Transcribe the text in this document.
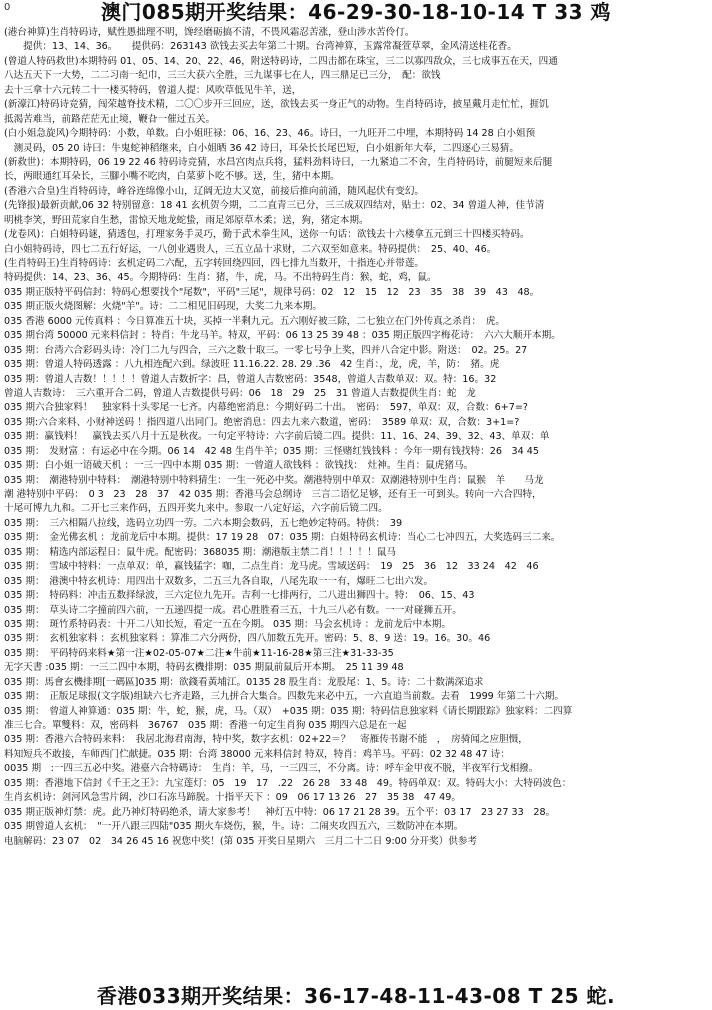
0	澳门085期开奖结果：46-29-30-18-10-14 T 33 鸡
(港台神算)生肖特码诗，赋性愚拙理不明，馋经磨砺搞不清，不畏风霜忍苦涨，登山涉水苦伶仃。
　　提供：13、14、36。　　提供码：263143 欲钱去买去年第二十期。台湾神算，玉露常凝萱草翠，金风清送桂花香。
(曾道人特码救世)本期特码 01、05、14、20、22、46，附送特码诗，二四击都在珠宝，三二以寡四敌众，三七成事五在天，四通
八达五天下一大势，二二习南一纪巾，三三大获六全胜，三九谋事七在人，四三鼎足已三分，　配：欲钱
去十三拿十六元转二十一楼买特码，曾道人提：风吹草低见牛羊，送，
(新濠江)特码诗竞猜，闯荣越脊技术精，二〇〇步开三回应，送，欲钱去买一身正气的动物。生肖特码诗，披星戴月走忙忙，捱饥
抵渴苦难当，前路茫茫无止境，鞭旮一催过五关。
(白小姐急旋风)今期特码：小数，单数。白小姐旺禄：06、16、23、46。诗曰，一九旺开二中埋，本期特码 14 28 白小姐预
　测灵码，05 20 诗曰：牛鬼蛇神稻继来，白小姐晒 36 42 诗曰，耳朵长长尾巴短，白小姐新年大奉，二四逐心三易猜。
(新救世)：本期特码，06 19 22 46 特码诗竞猜，水昌宫肉点兵将，猛料劲料诗曰，一九紧追二不舍，生肖特码诗，前腿短来后腿
长，两眼通红耳朵长，三腳小嘴不吃肉，白菜萝卜吃不够。送，生，猪中本期。
(香港六合皇)生肖特码诗，峰谷连绵像小山，辽阔无边大又宽，前接后推向前涌，随风起伏有变幻。
(先锋报)最新贡献,06 32 特别留意：18 41 玄机贺今期，二二直青三已分，三三成双四结对，贴士：02、34 曾道人神，佳节清
明桃李笑，野田荒家自生愁，雷惊天地龙蛇蛰，雨足郊原草木柔；送，狗，猪定本期。
(龙卷风)：白姐特码谜，猜透包，打理家务手灵巧，勤于武术拳生风，送你一句话：欲钱去十六楼拿五元到三十四楼买特码。
白小姐特码诗，四七二五行好运，一八创业遇贵人，三五立品十求财，二六双至如意来。特码提供：　25、40、46。
(生肖特码王)生肖特码诗：玄机定码二六配，五字转回绕四回，四七排九当数开，十指连心并带莲。
特码提供：14、23、36、45。今期特码：生肖：猪，牛，虎，马。不出特码生肖：猴，蛇，鸡，鼠。
035 期正版特平码信封：特码心想要找个"尾数"，平码"三尾"，规律号码：02　12　15　12　23　35　38　39　43　48。
035 期正版火烧图解：火烧"羊"。诗：二二相见旧码现，大奖二九来本期。
035 香港 6000 元传真料 ：今日算准五十块，买掉一半剩九元。五六刚好被三除，二七独立在门外传真之杀肖：　虎。
035 期台湾 50000 元来料信封 ：特肖：牛龙马羊。特双，平码：06 13 25 39 48 ：035 期正版四字梅花诗：　六六大顺开本期。
035 期：台湾六合彩码头诗：冷门二九与四合，三六之数十取三。一零七号争上奖，四并八合定中影。附送：　02。25。27
035 期：曾道人特码透露 ：八九相连配六到。绿波旺 11.16.22. 28. 29 .36　42 生肖：，龙，虎，羊，防：　猪。虎
035 期：曾道人吉数！！！！！曾道人吉数折字：昌，曾道人吉数密码：3548，曾道人吉数单双：双。特：16。32
曾道人吉数诗：　三六重开合二码，曾道人吉数提供号码：06　18　29　25　31 曾道人吉数提供生肖：蛇　龙
035 期六合独家料！　独家料十头零尾一七齐。内幕绝密消息：今期好码二十出。　密码：　597，单双：双，合数：6+7=?
035 期:六合来料、小财神送码 ！指四道八出同门。绝密消息：四去九来六数道，密码：　3589 单双：双，合数：3+1=?
035 期：赢钱料！　赢钱去买八月十五是秋夜。一句定平特诗：六字前后镜二四。提供：11、16、24、39、32、43、单双：单
035 期：　发财富 ：有运必中在今期。06 14　42 48 生肖牛羊；035 期：三怪赌红钱钱料 ：今年一期有钱找特：26　34 45
035 期：白小姐一语破天机 ：一三一四中本期 035 期：一曾道人欲钱料 ：欲钱找：　灶神。生肖：鼠虎猪马。
035 期：　潮港特别中特料：　潮港特别中特料猜生：一生一死必中奖。潮港特别中单双：双潮港特别中生肖：鼠猴　羊　　马龙
潮 港特别中平码：　0 3　23　28　37　42 035 期：香港马会总纲诗　三言二语忆足够，还有王一可到头。转向一六合四特，
十尾可博九九和。二开七三来作码，五四开奖九来中。参取一八定好运，六字前后镜二四。
035 期：　三六相隔八拉线，选码立功四一劳。二六本期会数码，五七绝妙定特码。特供：　39
035 期：　金光佛玄机 ：龙前龙后中本期。提供：17 19 28　07：035 期：白姐特码玄机诗：当心二七冲四五，大奖选码三二来。
035 期：　精选内部运程日：鼠牛虎。配密码：368035 期：潮港版主禁二肖！！！！！鼠马
035 期：　雪域中特料：一点单双：单，赢钱猛字：咖，二点生肖：龙马虎。雪域送码：　19　25　36　12　33 24　42　46
035 期：　港澳中特玄机诗：用四出十双数多，二五三九各自取，八尾先取一一有，爆旺二七出六发。
035 期：　特码料：冲击五数择绿波，三六定位九先开。吉利一七排两行，二八进出狮四十。特：　06、15、43
035 期：　草头诗二字撞前四六前，一五递四提一成。君心胜胜看三五，十九三八必有数。一一对碰狮五开。
035 期：　斑竹系特码表：十开二八知长短，看定一五在今期。 035 期：马会玄机诗 ：龙前龙后中本期。
035 期：　玄机独家料 ：玄机独家料 ：算准二六分两份，四八加数五先开。密码：5、8、9 送：19。16。30。46
035 期：　平码特码来料★第一注★02-05-07★二注★牛前★11-16-28★第三注★31-33-35
无字天書 :035 期：一三二四中本期，特码玄機排期：035 期鼠前鼠后开本期。　25 11 39 48
035 期：馬會玄機排期[一碼區]035 期：欲錢看黃埔江。0135 28 股生肖：龙股尾：1、5。诗：二十数满深追求
035 期：　正版足球报(文字版)组缺六七齐走路，三九拼合大集合。四数先来必中五，一六直追当前数。去看　1999 年第二十六期。
035 期：　曾道人神算通：035 期：牛，蛇，猴，虎，马。（双）　+035 期：035 期：特码信息独家料《请长期跟踪》独家料：二四算
准三七合。單雙料：双，密码料　36767　035 期：香港一句定生肖狗 035 期四六总是在一起
035 期：香港六合特码来料：　我居北海君南海，特中奖，数字玄机：02+22＝？　寄雁传书谢不能　，　房骑闻之应胆慑，
料知短兵不敢接，车师西门伫献捷。035 期：台湾 38000 元来料信封 特双，特肖：鸡羊马。平码：02 32 48 47 诗：
0035 期　:一四三五必中奖。港臺六合特碼诗：　生肖：羊，马，一三四三，不分离。诗：呼车金甲夜不脱，半夜军行戈相撥。
035 期：香港地下信封《千王之王》：九宝莲灯：05　19　17　.22　26 28　33 48　49。特码单双：双。特码大小：大特码波色：
生肖玄机诗：剑河风急雪片阔，沙口石冻马蹄脱。十指平天下 ：09　06 17 13 26　27　35 38　47 49。
035 期正版神灯禁：虎。此乃神灯特码绝杀，请大家参考！　神灯五中特：06 17 21 28 39。五个平：03 17　23 27 33　28。
035 期曾道人玄机：　"一开八跟三四陆"035 期火车烧伤，猴，牛。诗：二闹夹攻四五六，三数防冲在本期。
电脑解码：23 07　02　34 26 45 16 祝您中奖！(第 035 开奖日星期六　三月二十二日 9:00 分开奖）供参考
香港033期开奖结果：36-17-48-11-43-08 T 25 蛇.
